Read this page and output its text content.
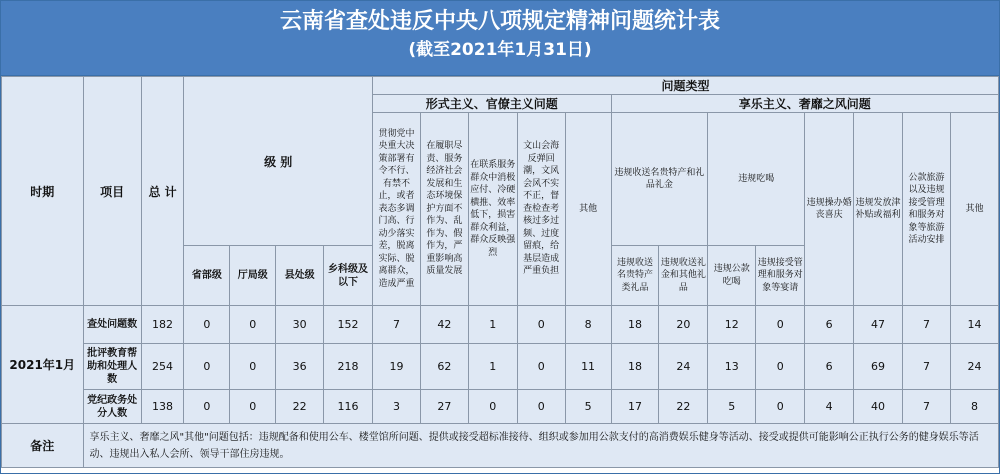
云南省查处违反中央八项规定精神问题统计表
(截至2021年1月31日)
时期	项目	总 计	级 别				问题类型												
							形式主义、官僚主义问题					享乐主义、奢靡之风问题							
							贯彻党中央重大决策部署有令不行、有禁不止，或者表态多调门高、行动少落实差，脱离实际、脱离群众，造成严重	在履职尽责、服务经济社会发展和生态环境保护方面不作为、乱作为、假作为，严重影响高质量发展	在联系服务群众中消极应付、冷硬横推、效率低下，损害群众利益，群众反映强烈	文山会海反弹回潮，文风会风不实不正，督查检查考核过多过频、过度留痕，给基层造成严重负担	其他	违规收送名贵特产和礼品礼金		违规吃喝		违规操办婚丧喜庆	违规发放津补贴或福利	公款旅游以及违规接受管理和服务对象等旅游活动安排	其他
			省部级	厅局级	县处级	乡科级及以下						违规收送名贵特产类礼品	违规收送礼金和其他礼品	违规公款吃喝	违规接受管理和服务对象等宴请				
2021年1月	查处问题数	182	0	0	30	152	7	42	1	0	8	18	20	12	0	6	47	7	14
	批评教育帮助和处理人数	254	0	0	36	218	19	62	1	0	11	18	24	13	0	6	69	7	24
	党纪政务处分人数	138	0	0	22	116	3	27	0	0	5	17	22	5	0	4	40	7	8
备注	享乐主义、奢靡之风"其他"问题包括：违规配备和使用公车、楼堂馆所问题、提供或接受超标准接待、组织或参加用公款支付的高消费娱乐健身等活动、接受或提供可能影响公正执行公务的健身娱乐等活动、违规出入私人会所、领导干部住房违规。																		
